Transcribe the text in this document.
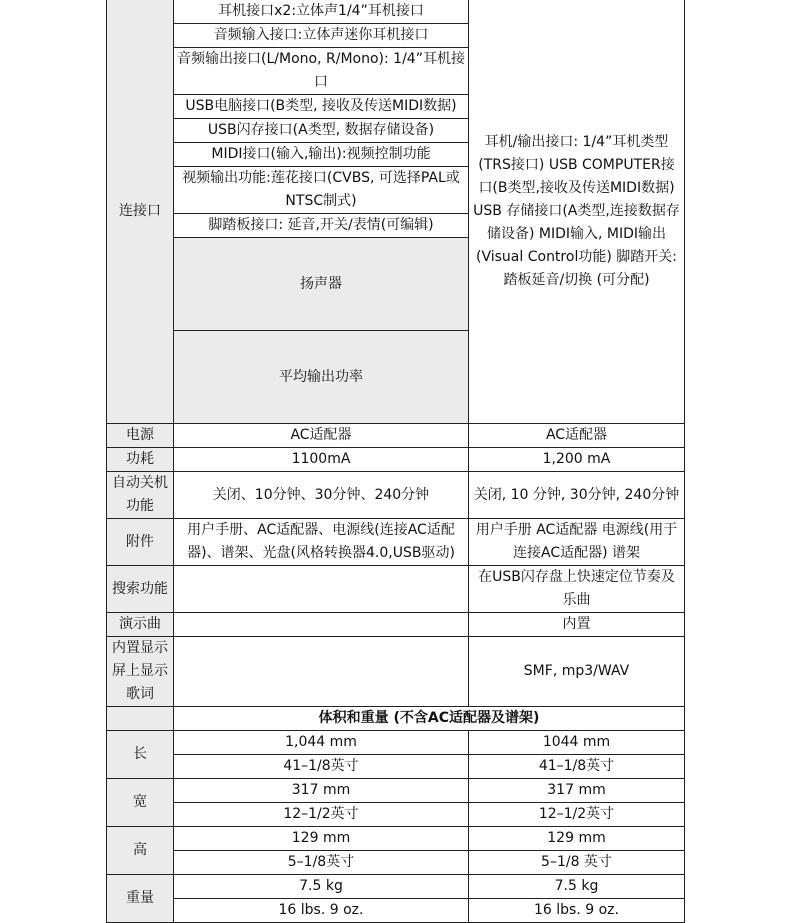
连接口	耳机接口x2:立体声1/4”耳机接口	耳机/输出接口: 1/4”耳机类型(TRS接口) USB COMPUTER接口(B类型,接收及传送MIDI数据) USB 存储接口(A类型,连接数据存储设备) MIDI输入, MIDI输出(Visual Control功能) 脚踏开关: 踏板延音/切换 (可分配)	
	音频输入接口:立体声迷你耳机接口		
	音频输出接口(L/Mono, R/Mono): 1/4”耳机接口		
	USB电脑接口(B类型, 接收及传送MIDI数据)		
	USB闪存接口(A类型, 数据存储设备)		
	MIDI接口(输入,输出):视频控制功能		
	视频输出功能:莲花接口(CVBS, 可选择PAL或NTSC制式)		
	脚踏板接口: 延音,开关/表情(可编辑)		
	扬声器		
	平均输出功率		
电源	AC适配器	AC适配器	
功耗	1100mA	1,200 mA	
自动关机功能	关闭、10分钟、30分钟、240分钟	关闭, 10 分钟, 30分钟, 240分钟	
附件	用户手册、AC适配器、电源线(连接AC适配器)、谱架、光盘(风格转换器4.0,USB驱动)	用户手册 AC适配器 电源线(用于连接AC适配器) 谱架	
搜索功能		在USB闪存盘上快速定位节奏及乐曲	
演示曲		内置	
内置显示屏上显示歌词		SMF, mp3/WAV	
	体积和重量 (不含AC适配器及谱架)		
长	1,044 mm	1044 mm	
	41–1/8英寸	41–1/8英寸	
宽	317 mm	317 mm	
	12–1/2英寸	12–1/2英寸	
高	129 mm	129 mm	
	5–1/8英寸	5–1/8 英寸	
重量	7.5 kg	7.5 kg	
	16 lbs. 9 oz.	16 lbs. 9 oz.	
